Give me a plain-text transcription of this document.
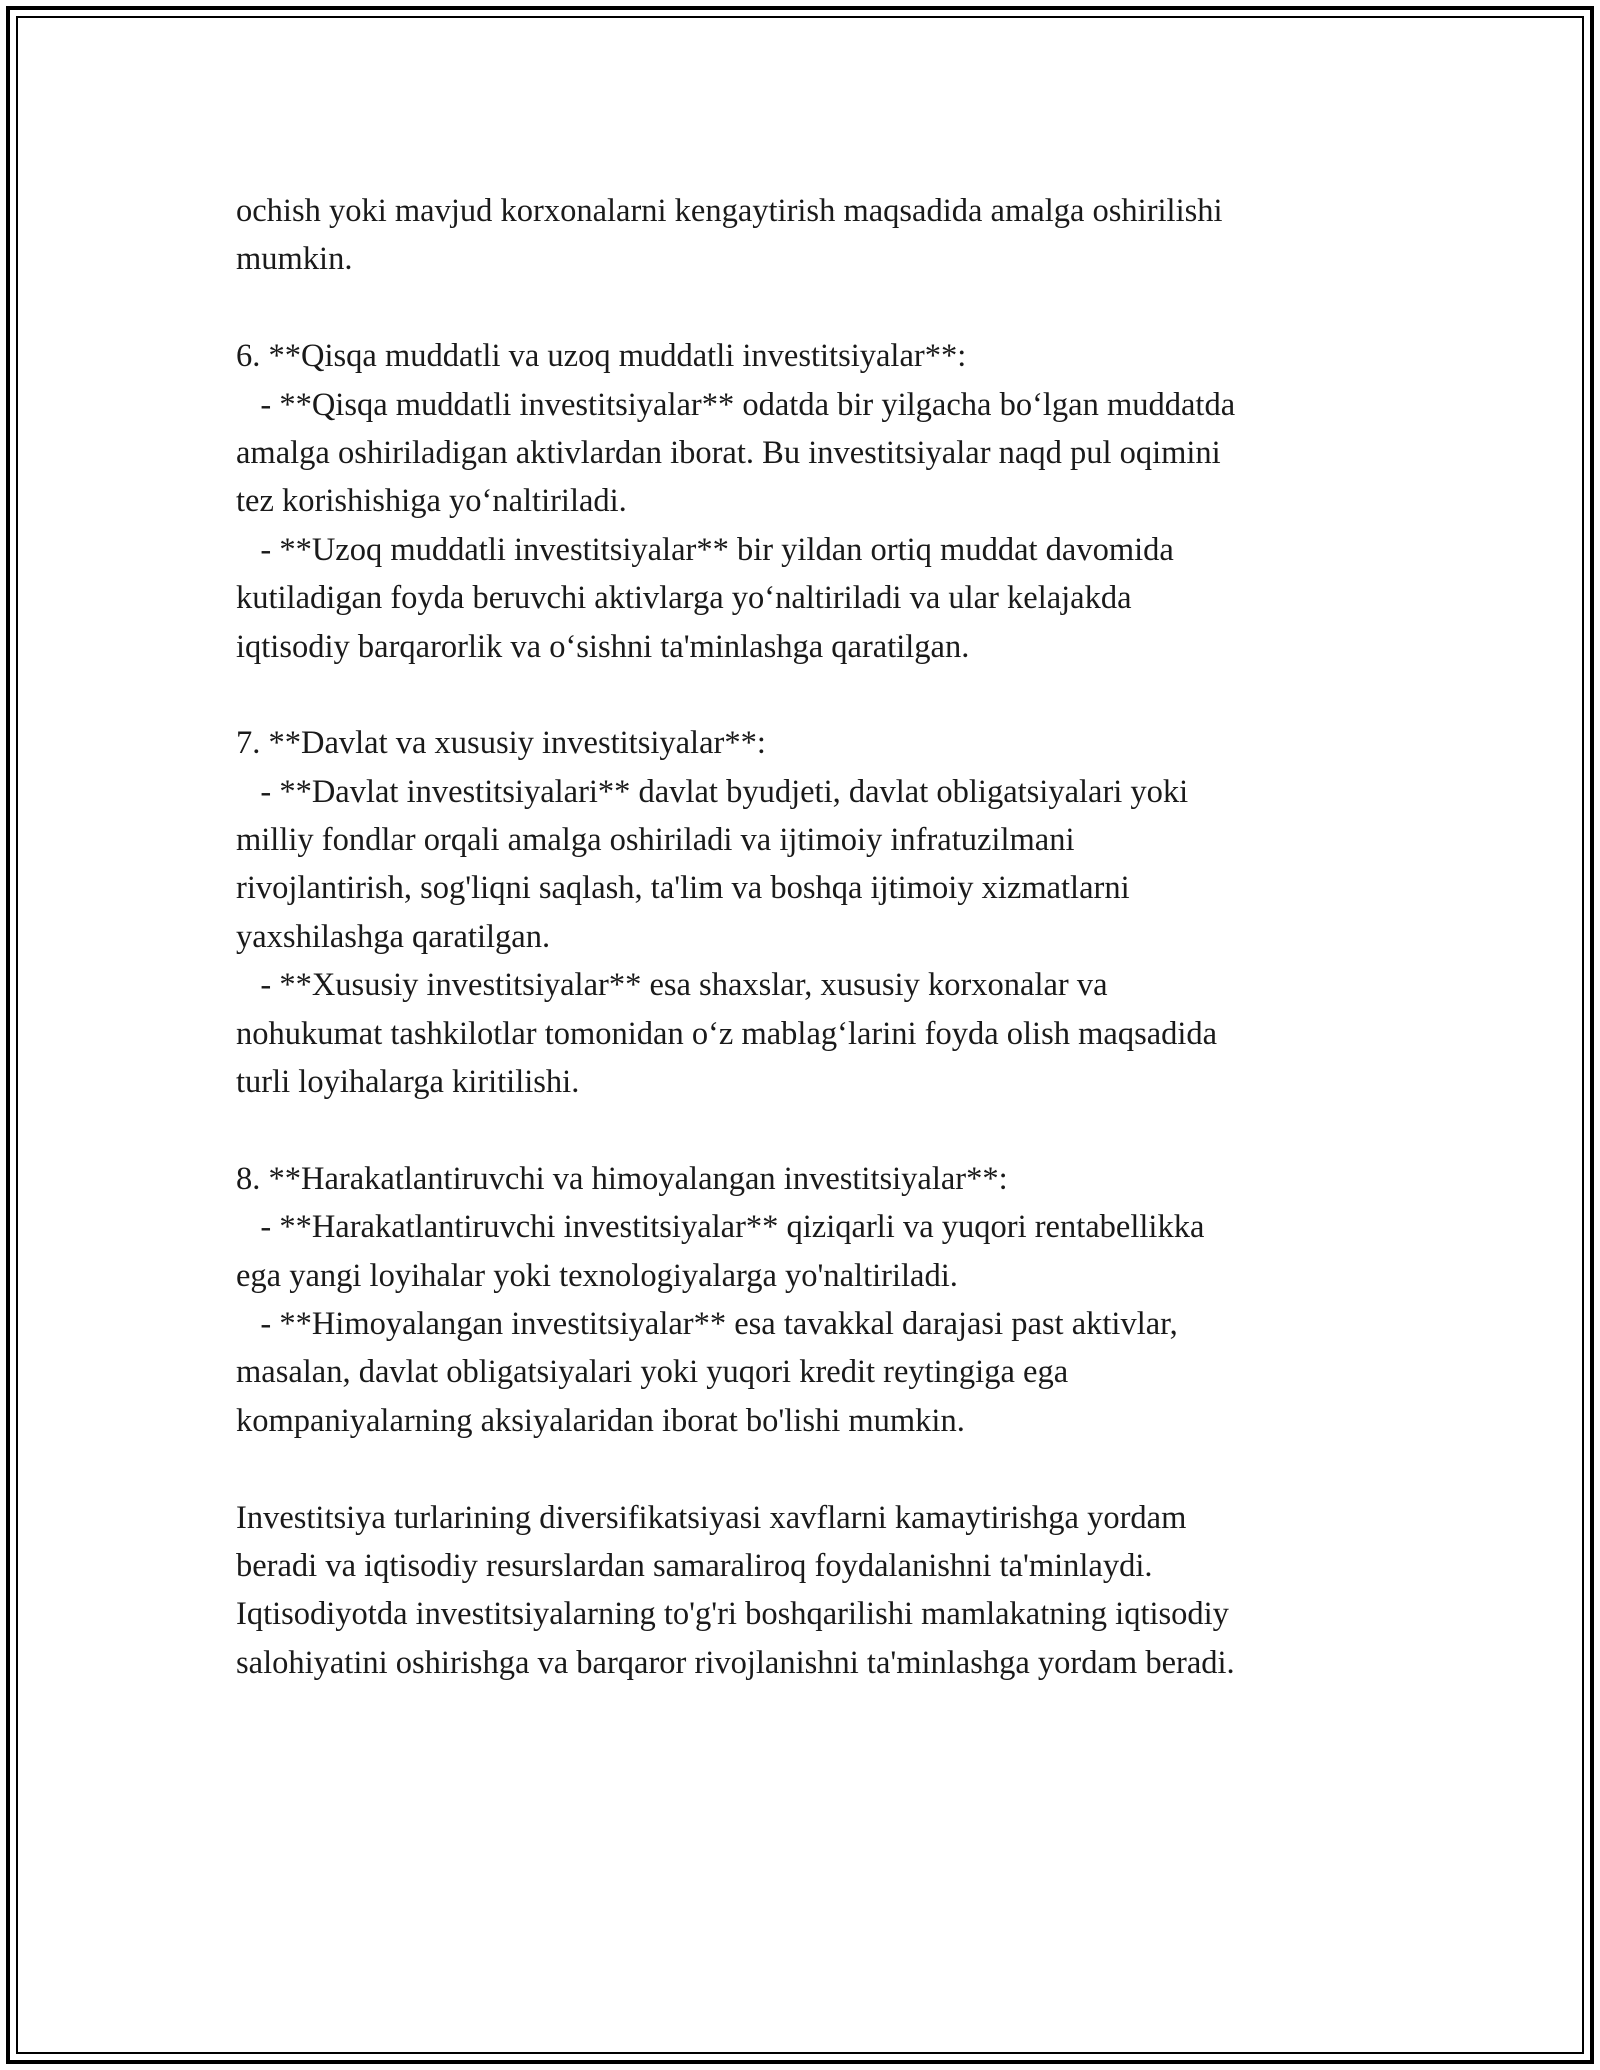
ochish yoki mavjud korxonalarni kengaytirish maqsadida amalga oshirilishi
mumkin.
6. **Qisqa muddatli va uzoq muddatli investitsiyalar**:
- **Qisqa muddatli investitsiyalar** odatda bir yilgacha bo‘lgan muddatda
amalga oshiriladigan aktivlardan iborat. Bu investitsiyalar naqd pul oqimini
tez korishishiga yo‘naltiriladi.
- **Uzoq muddatli investitsiyalar** bir yildan ortiq muddat davomida
kutiladigan foyda beruvchi aktivlarga yo‘naltiriladi va ular kelajakda
iqtisodiy barqarorlik va o‘sishni ta'minlashga qaratilgan.
7. **Davlat va xususiy investitsiyalar**:
- **Davlat investitsiyalari** davlat byudjeti, davlat obligatsiyalari yoki
milliy fondlar orqali amalga oshiriladi va ijtimoiy infratuzilmani
rivojlantirish, sog'liqni saqlash, ta'lim va boshqa ijtimoiy xizmatlarni
yaxshilashga qaratilgan.
- **Xususiy investitsiyalar** esa shaxslar, xususiy korxonalar va
nohukumat tashkilotlar tomonidan o‘z mablag‘larini foyda olish maqsadida
turli loyihalarga kiritilishi.
8. **Harakatlantiruvchi va himoyalangan investitsiyalar**:
- **Harakatlantiruvchi investitsiyalar** qiziqarli va yuqori rentabellikka
ega yangi loyihalar yoki texnologiyalarga yo'naltiriladi.
- **Himoyalangan investitsiyalar** esa tavakkal darajasi past aktivlar,
masalan, davlat obligatsiyalari yoki yuqori kredit reytingiga ega
kompaniyalarning aksiyalaridan iborat bo'lishi mumkin.
Investitsiya turlarining diversifikatsiyasi xavflarni kamaytirishga yordam
beradi va iqtisodiy resurslardan samaraliroq foydalanishni ta'minlaydi.
Iqtisodiyotda investitsiyalarning to'g'ri boshqarilishi mamlakatning iqtisodiy
salohiyatini oshirishga va barqaror rivojlanishni ta'minlashga yordam beradi.
